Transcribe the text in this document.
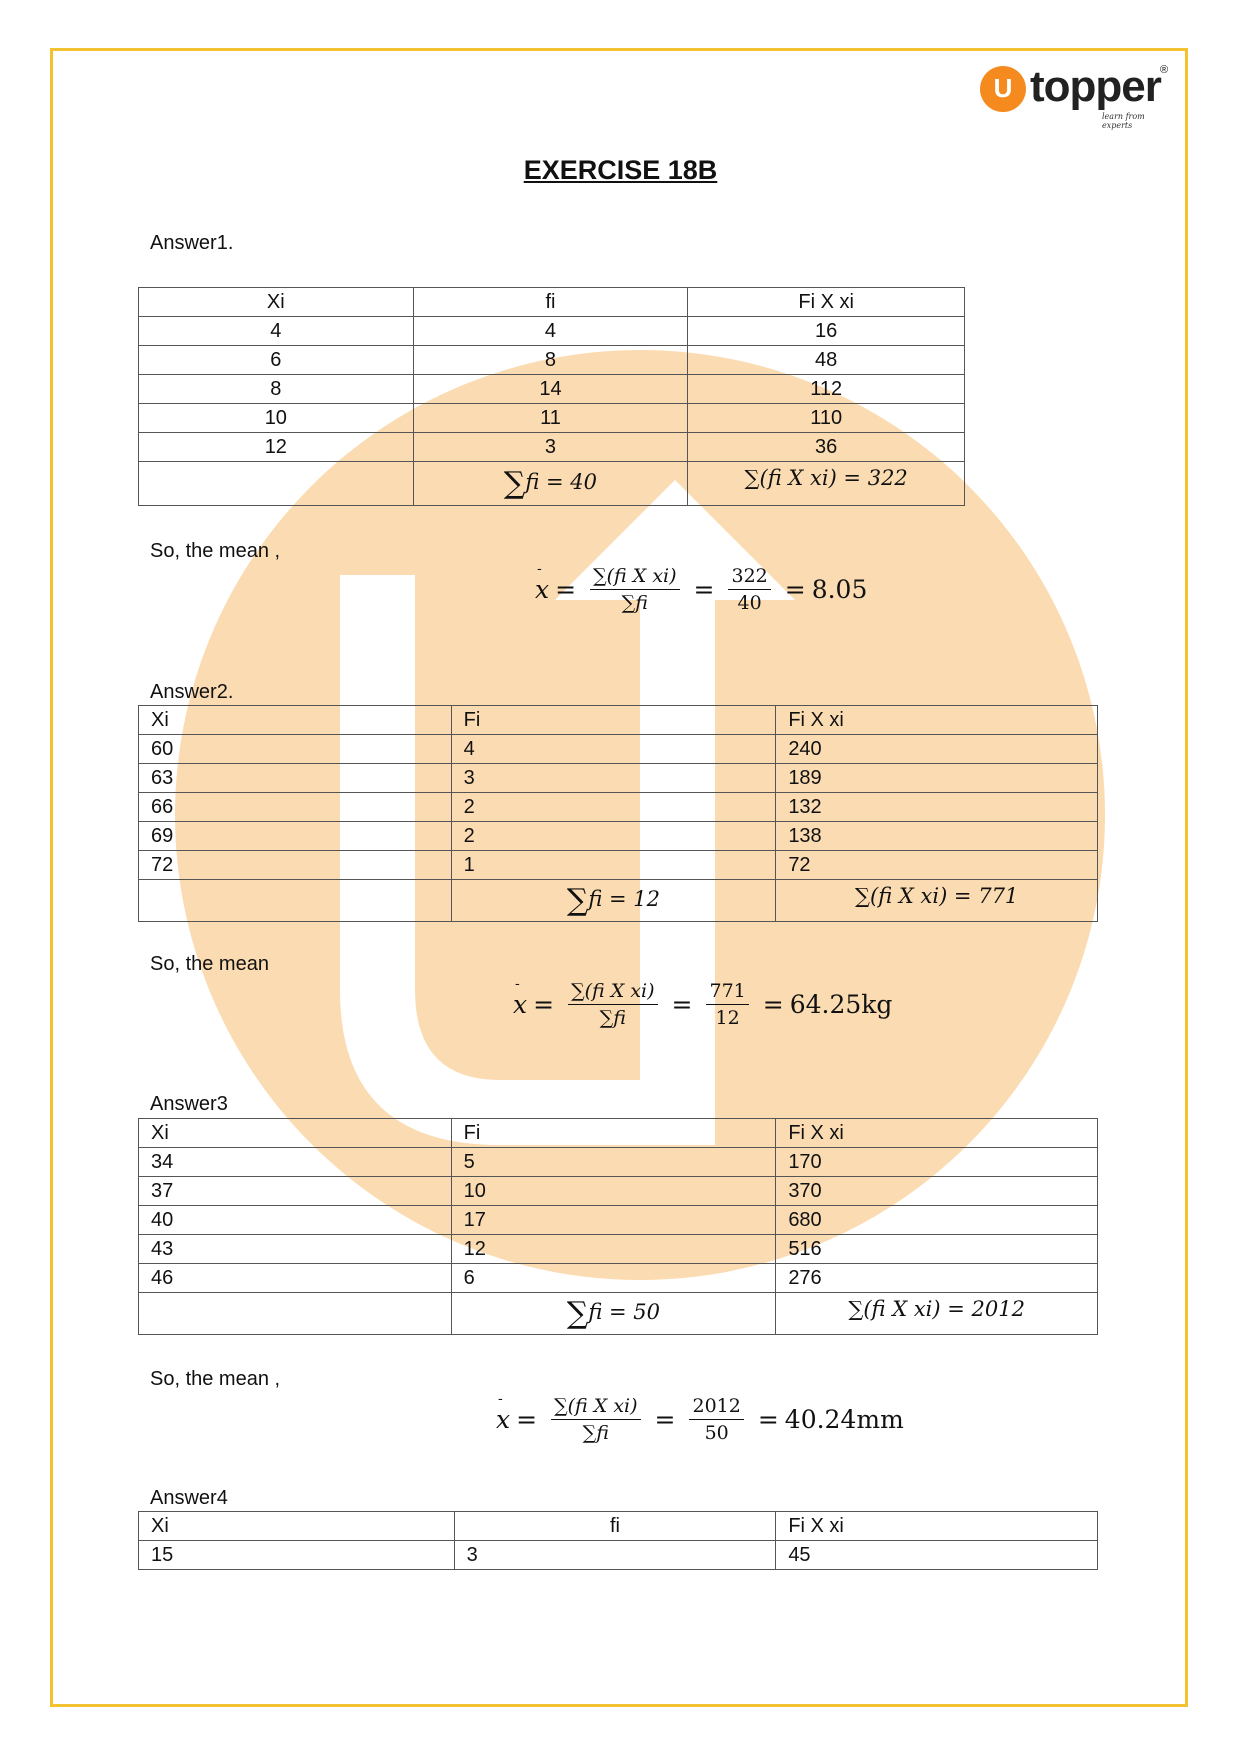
U topper ®
learn from experts
EXERCISE 18B
Answer1.
Xi	fi	Fi X xi
4	4	16
6	8	48
8	14	112
10	11	110
12	3	36
	∑fi = 40	∑(fi X xi) = 322
So, the mean ,
-
$x = \frac{\text{∑(fi X xi)}}{\sum fi} = \frac{322}{40} = 8.05$
Answer2.
Xi	Fi	Fi X xi
60	4	240
63	3	189
66	2	132
69	2	138
72	1	72
	∑fi = 12	∑(fi X xi) = 771
So, the mean
-
$x = \frac{\text{∑(fi X xi)}}{\sum fi} = \frac{771}{12} = 64.25kg$
Answer3
Xi	Fi	Fi X xi
34	5	170
37	10	370
40	17	680
43	12	516
46	6	276
	∑fi = 50	∑(fi X xi) = 2012
So, the mean ,
-
$x = \frac{\text{∑(fi X xi)}}{\sum fi} = \frac{2012}{50} = 40.24mm$
Answer4
Xi	fi	Fi X xi
15	3	45
